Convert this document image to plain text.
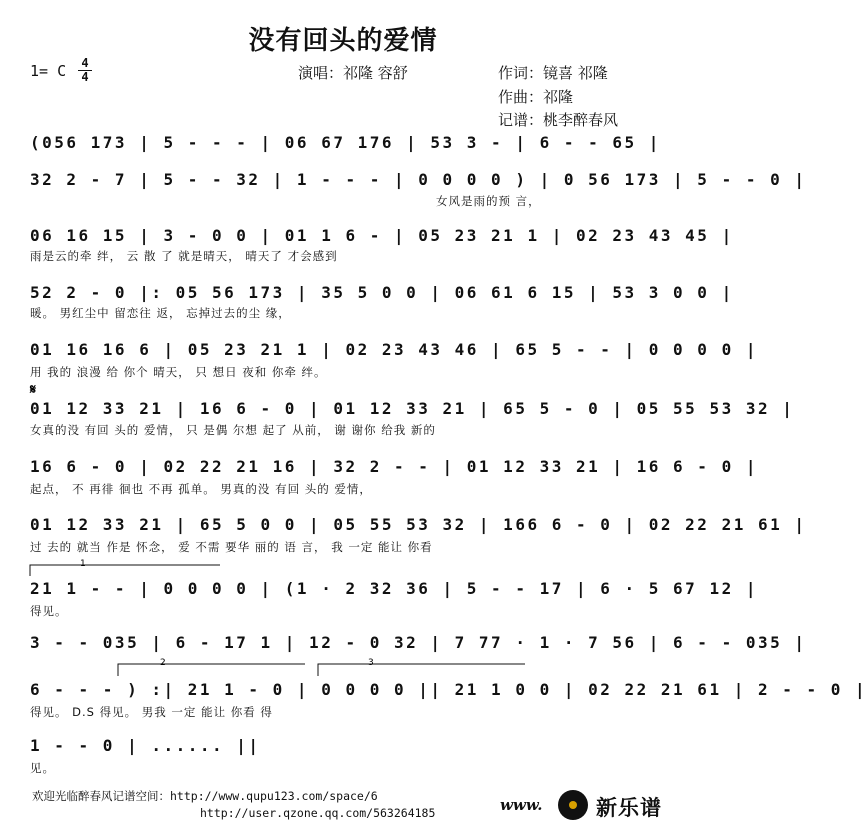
没有回头的爱情
1= C 4
4	演唱：祁隆 容舒	作词：镜喜 祁隆
作曲：祁隆
记谱：桃李醉春风
(056 173 | 5 - - - | 06 67 176 | 53 3 - | 6 - - 65 |
32 2 - 7 | 5 - - 32 | 1 - - - | 0 0 0 0 ) | 0 56 173 | 5 - - 0 |
女风是雨的预 言，
06 16 15 | 3 - 0 0 | 01 1 6 - | 05 23 21 1 | 02 23 43 45 |
雨是云的牵 绊， 云 散 了 就是晴天， 晴天了 才会感到
52 2 - 0 |: 05 56 173 | 35 5 0 0 | 06 61 6 15 | 53 3 0 0 |
暖。 男红尘中 留恋往 返， 忘掉过去的尘 缘，
01 16 16 6 | 05 23 21 1 | 02 23 43 46 | 65 5 - - | 0 0 0 0 |
用 我的 浪漫 给 你个 晴天， 只 想日 夜和 你牵 绊。
01 12 33 21 | 16 6 - 0 | 01 12 33 21 | 65 5 - 0 | 05 55 53 32 |
女真的没 有回 头的 爱情， 只 是偶 尔想 起了 从前， 谢 谢你 给我 新的
16 6 - 0 | 02 22 21 16 | 32 2 - - | 01 12 33 21 | 16 6 - 0 |
起点， 不 再徘 徊也 不再 孤单。 男真的没 有回 头的 爱情，
01 12 33 21 | 65 5 0 0 | 05 55 53 32 | 166 6 - 0 | 02 22 21 61 |
过 去的 就当 作是 怀念， 爱 不需 要华 丽的 语 言， 我 一定 能让 你看
21 1 - - | 0 0 0 0 | (1 · 2 32 36 | 5 - - 17 | 6 · 5 67 12 |
得见。
3 - - 035 | 6 - 17 1 | 12 - 0 32 | 7 77 · 1 · 7 56 | 6 - - 035 |
6 - - - ) :| 21 1 - 0 | 0 0 0 0 || 21 1 0 0 | 02 22 21 61 | 2 - - 0 |
得见。 D.S 得见。 男我 一定 能让 你看 得
1 - - 0 | ...... ||
见。
𝄋
1
2	3
欢迎光临醉春风记谱空间：http://www.qupu123.com/space/6
http://user.qzone.qq.com/563264185	www.	新乐谱
